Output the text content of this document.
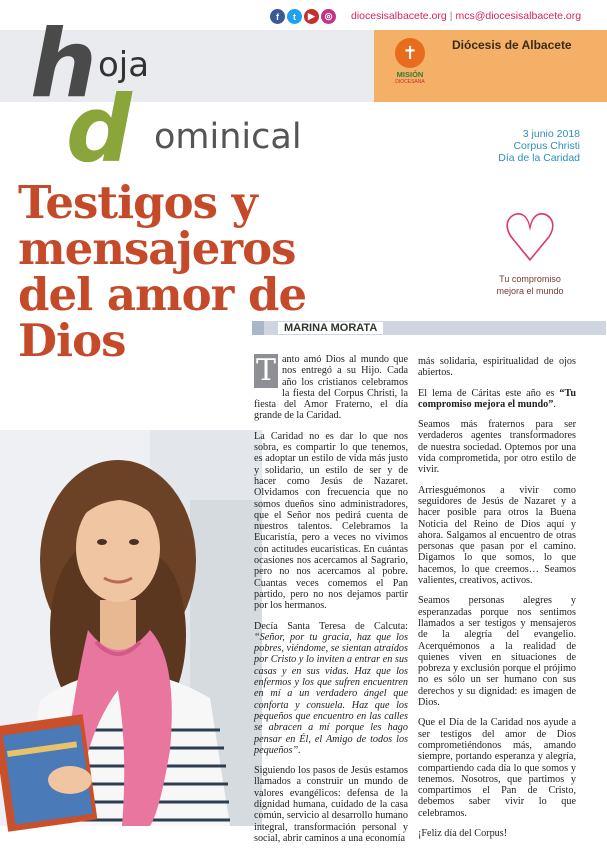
f	t	▶	◎	diocesisalbacete.org | mcs@diocesisalbacete.org
h oja
d ominical
✝
MISIÓN
DIOCESANA
Diócesis de Albacete
3 junio 2018
Corpus Christi
Día de la Caridad
Testigos y mensajeros del amor de Dios
♡
Tu compromiso
mejora el mundo
MARINA MORATA

T anto amó Dios al mundo que nos entregó a su Hijo. Cada año los cristianos celebramos la fiesta del Corpus Christi, la fiesta del Amor Fraterno, el día grande de la Caridad.

La Caridad no es dar lo que nos sobra, es compartir lo que tenemos, es adoptar un estilo de vida más justo y solidario, un estilo de ser y de hacer como Jesús de Nazaret. Olvidamos con frecuencia que no somos dueños sino administradores, que el Señor nos pedirá cuenta de nuestros talentos. Celebramos la Eucaristía, pero a veces no vivimos con actitudes eucarísticas. En cuántas ocasiones nos acercamos al Sagrario, pero no nos acercamos al pobre. Cuantas veces comemos el Pan partido, pero no nos dejamos partir por los hermanos.

Decía Santa Teresa de Calcuta: “Señor, por tu gracia, haz que los pobres, viéndome, se sientan atraídos por Cristo y lo inviten a entrar en sus casas y en sus vidas. Haz que los enfermos y los que sufren encuentren en mí a un verdadero ángel que conforta y consuela. Haz que los pequeños que encuentro en las calles se abracen a mí porque les hago pensar en Él, el Amigo de todos los pequeños”.

Siguiendo los pasos de Jesús estamos llamados a construir un mundo de valores evangélicos: defensa de la dignidad humana, cuidado de la casa común, servicio al desarrollo humano integral, transformación personal y social, abrir caminos a una economía

más solidaria, espiritualidad de ojos abiertos.

El lema de Cáritas este año es “Tu compromiso mejora el mundo”.

Seamos más fraternos para ser verdaderos agentes transformadores de nuestra sociedad. Optemos por una vida comprometida, por otro estilo de vivir.

Arriesguémonos a vivir como seguidores de Jesús de Nazaret y a hacer posible para otros la Buena Noticia del Reino de Dios aquí y ahora. Salgamos al encuentro de otras personas que pasan por el camino. Digamos lo que somos, lo que hacemos, lo que creemos… Seamos valientes, creativos, activos.

Seamos personas alegres y esperanzadas porque nos sentimos llamados a ser testigos y mensajeros de la alegría del evangelio. Acerquémonos a la realidad de quienes viven en situaciones de pobreza y exclusión porque el prójimo no es sólo un ser humano con sus derechos y su dignidad: es imagen de Dios.

Que el Día de la Caridad nos ayude a ser testigos del amor de Dios comprometiéndonos más, amando siempre, portando esperanza y alegría, compartiendo cada día lo que somos y tenemos. Nosotros, que partimos y compartimos el Pan de Cristo, debemos saber vivir lo que celebramos.

¡Feliz día del Corpus!
